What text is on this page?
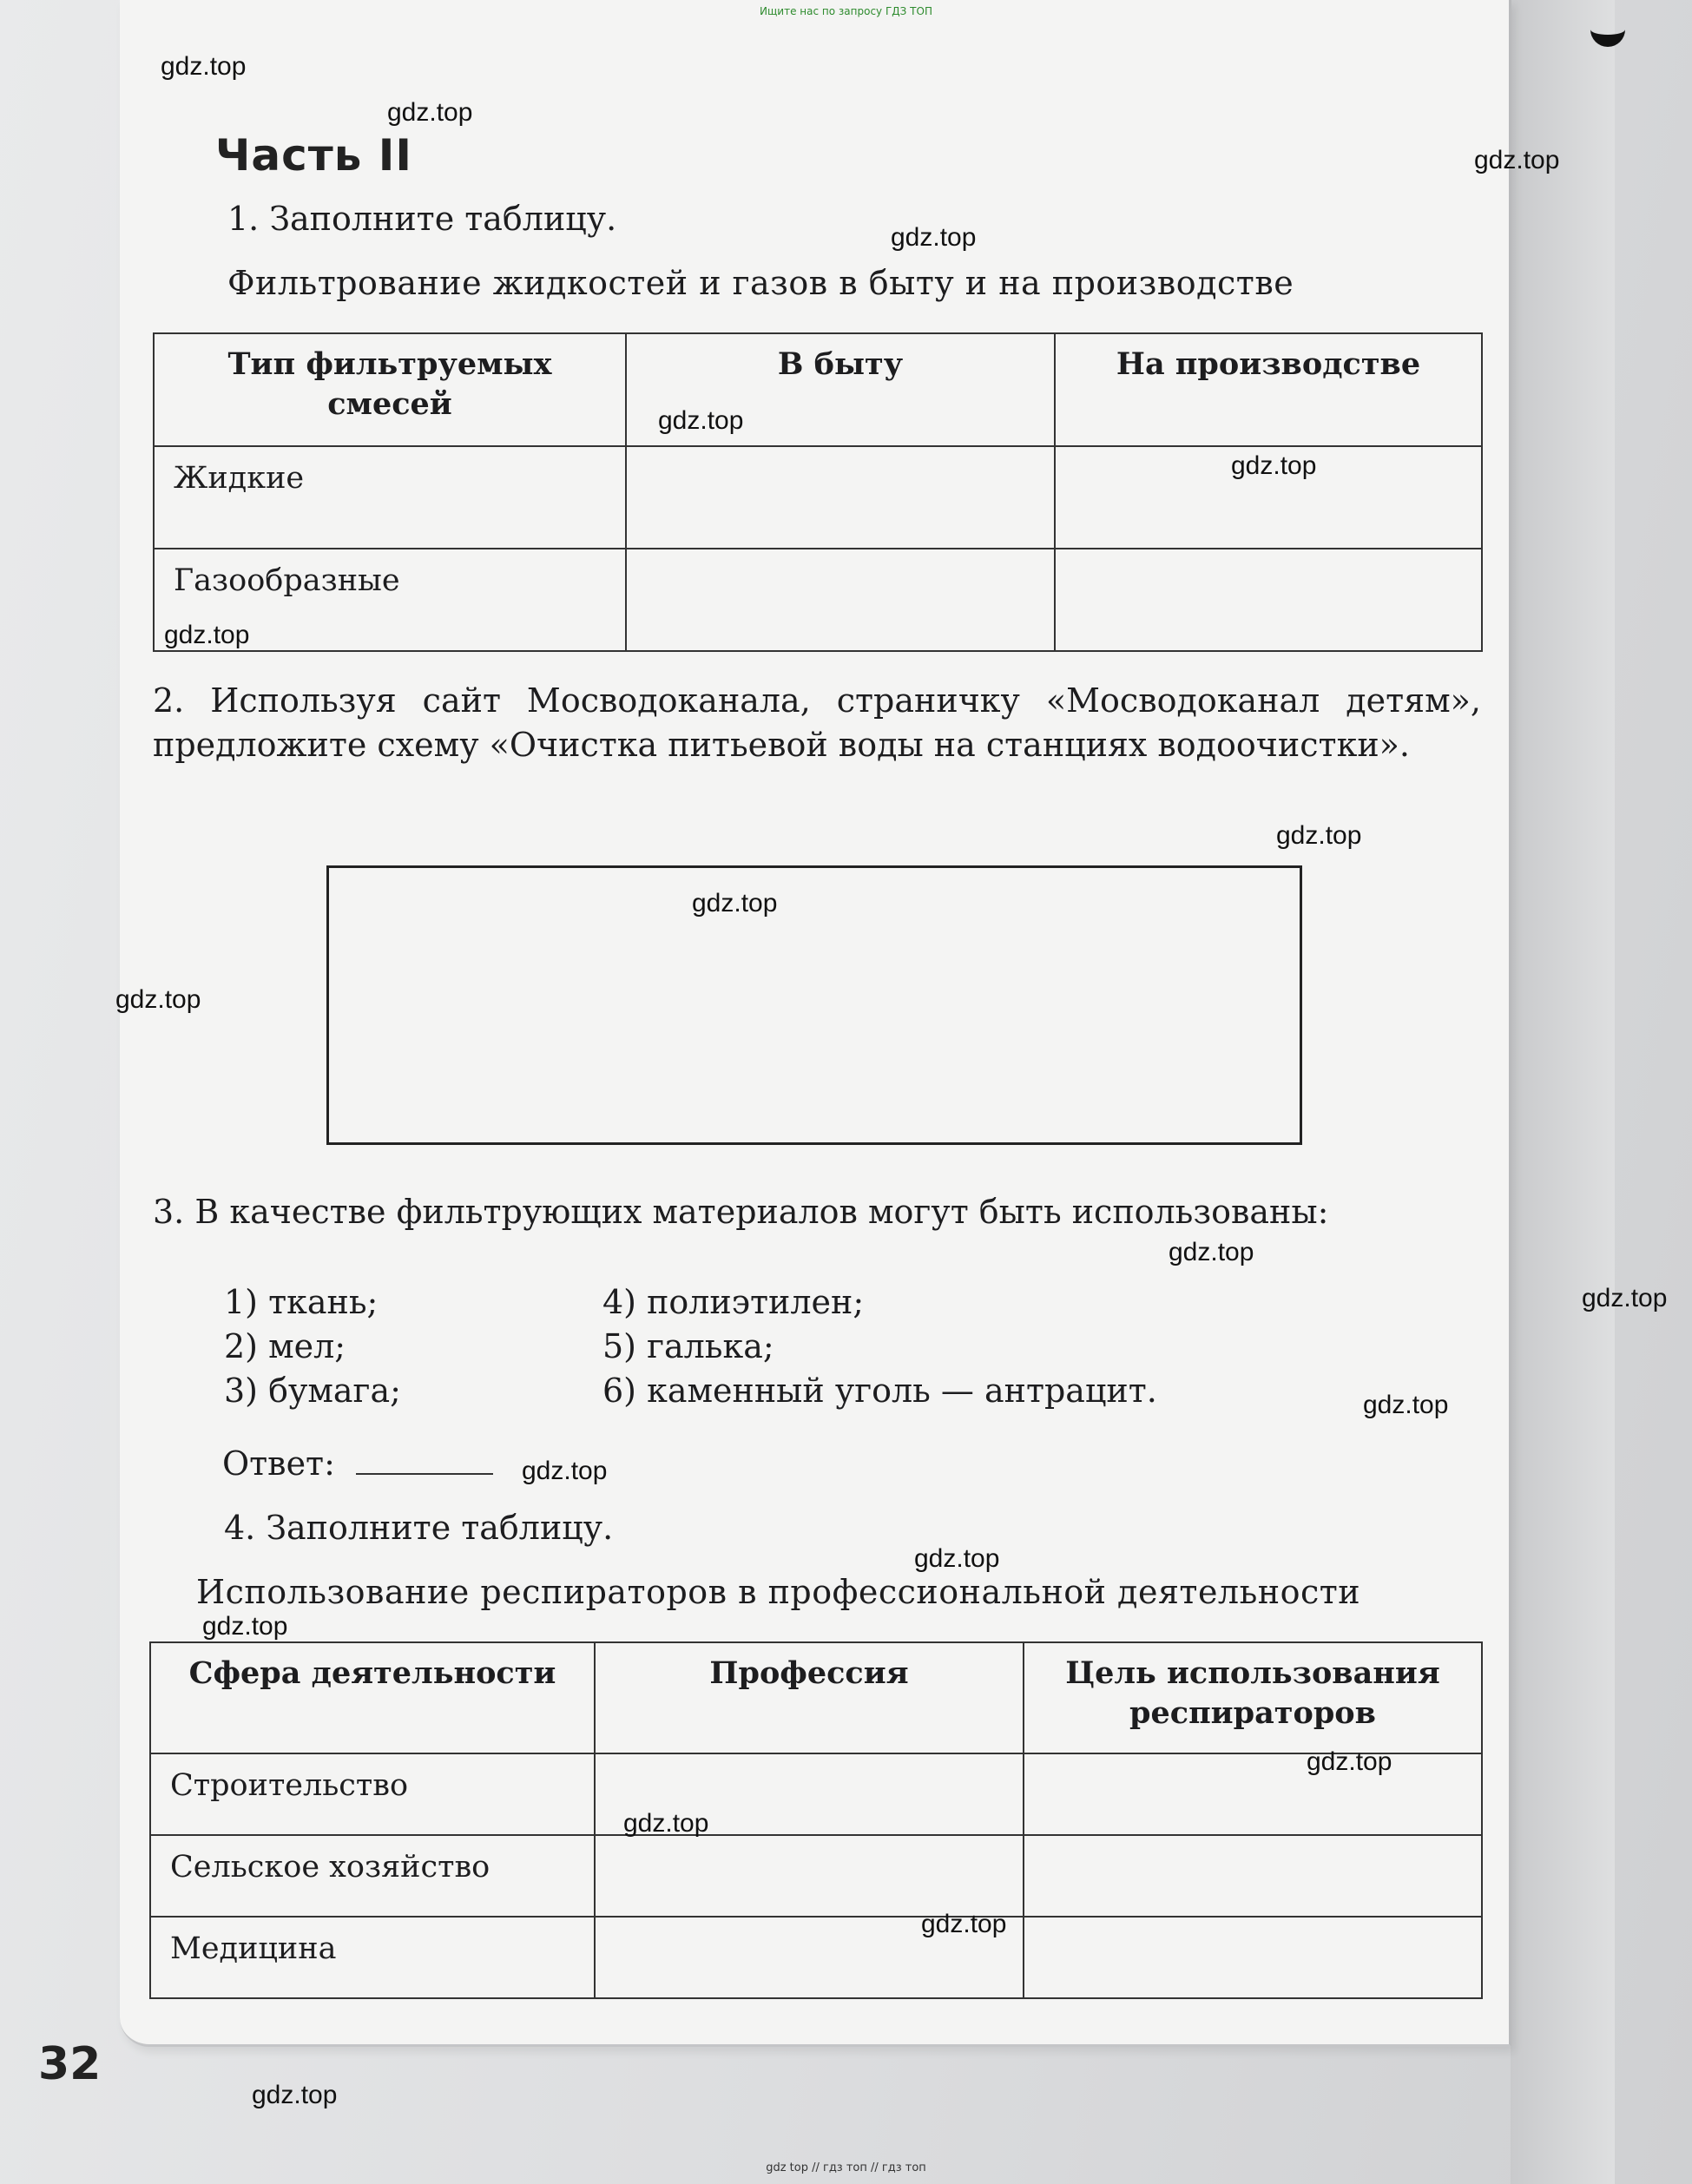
Ищите нас по запросу ГДЗ ТОП
Часть II
1. Заполните таблицу.
Фильтрование жидкостей и газов в быту и на производстве
Тип фильтруемых смесей	В быту	На производстве
Жидкие		
Газообразные		
2. Используя сайт Мосводоканала, страничку «Мосводоканал детям», предложите схему «Очистка питьевой воды на станциях водоочистки».
3. В качестве фильтрующих материалов могут быть использованы:
1) ткань;
2) мел;
3) бумага;
4) полиэтилен;
5) галька;
6) каменный уголь — антрацит.
Ответ:
4. Заполните таблицу.
Использование респираторов в профессиональной деятельности
Сфера деятельности	Профессия	Цель использования респираторов
Строительство		
Сельское хозяйство		
Медицина		
32
gdz.top
gdz.top
gdz.top
gdz.top
gdz.top
gdz.top
gdz.top
gdz.top
gdz.top
gdz.top
gdz.top
gdz.top
gdz.top
gdz.top
gdz.top
gdz.top
gdz.top
gdz.top
gdz.top
gdz.top
gdz top // гдз топ // гдз топ
